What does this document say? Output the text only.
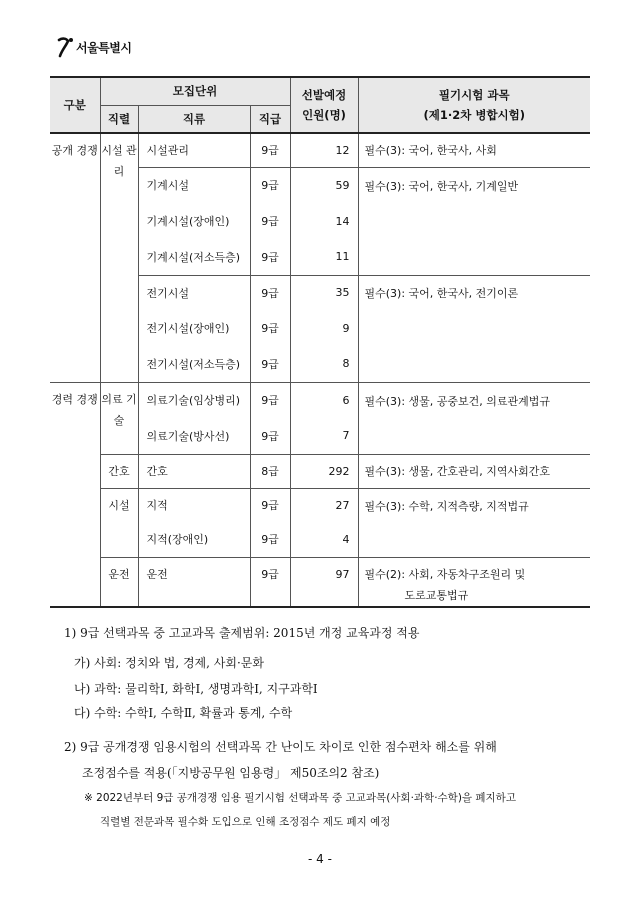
서울특별시
구분	모집단위			선발예정
인원(명)	필기시험 과목
(제1·2차 병합시험)
	직렬	직류	직급		
공개 경쟁	시설 관리	시설관리	9급	12	필수(3): 국어, 한국사, 사회
		기계시설	9급	59	필수(3): 국어, 한국사, 기계일반
		기계시설(장애인)	9급	14	
		기계시설(저소득층)	9급	11	
		전기시설	9급	35	필수(3): 국어, 한국사, 전기이론
		전기시설(장애인)	9급	9	
		전기시설(저소득층)	9급	8	
경력 경쟁	의료 기술	의료기술(임상병리)	9급	6	필수(3): 생물, 공중보건, 의료관계법규
		의료기술(방사선)	9급	7	
	간호	간호	8급	292	필수(3): 생물, 간호관리, 지역사회간호
	시설	지적	9급	27	필수(3): 수학, 지적측량, 지적법규
		지적(장애인)	9급	4	
	운전	운전	9급	97	필수(2): 사회, 자동차구조원리 및
도로교통법규
1) 9급 선택과목 중 고교과목 출제범위: 2015년 개정 교육과정 적용
가) 사회: 정치와 법, 경제, 사회·문화
나) 과학: 물리학Ⅰ, 화학Ⅰ, 생명과학Ⅰ, 지구과학Ⅰ
다) 수학: 수학Ⅰ, 수학Ⅱ, 확률과 통계, 수학
2) 9급 공개경쟁 임용시험의 선택과목 간 난이도 차이로 인한 점수편차 해소를 위해
조정점수를 적용(「지방공무원 임용령」 제50조의2 참조)
※ 2022년부터 9급 공개경쟁 임용 필기시험 선택과목 중 고교과목(사회·과학·수학)을 폐지하고
직렬별 전문과목 필수화 도입으로 인해 조정점수 제도 폐지 예정
- 4 -
